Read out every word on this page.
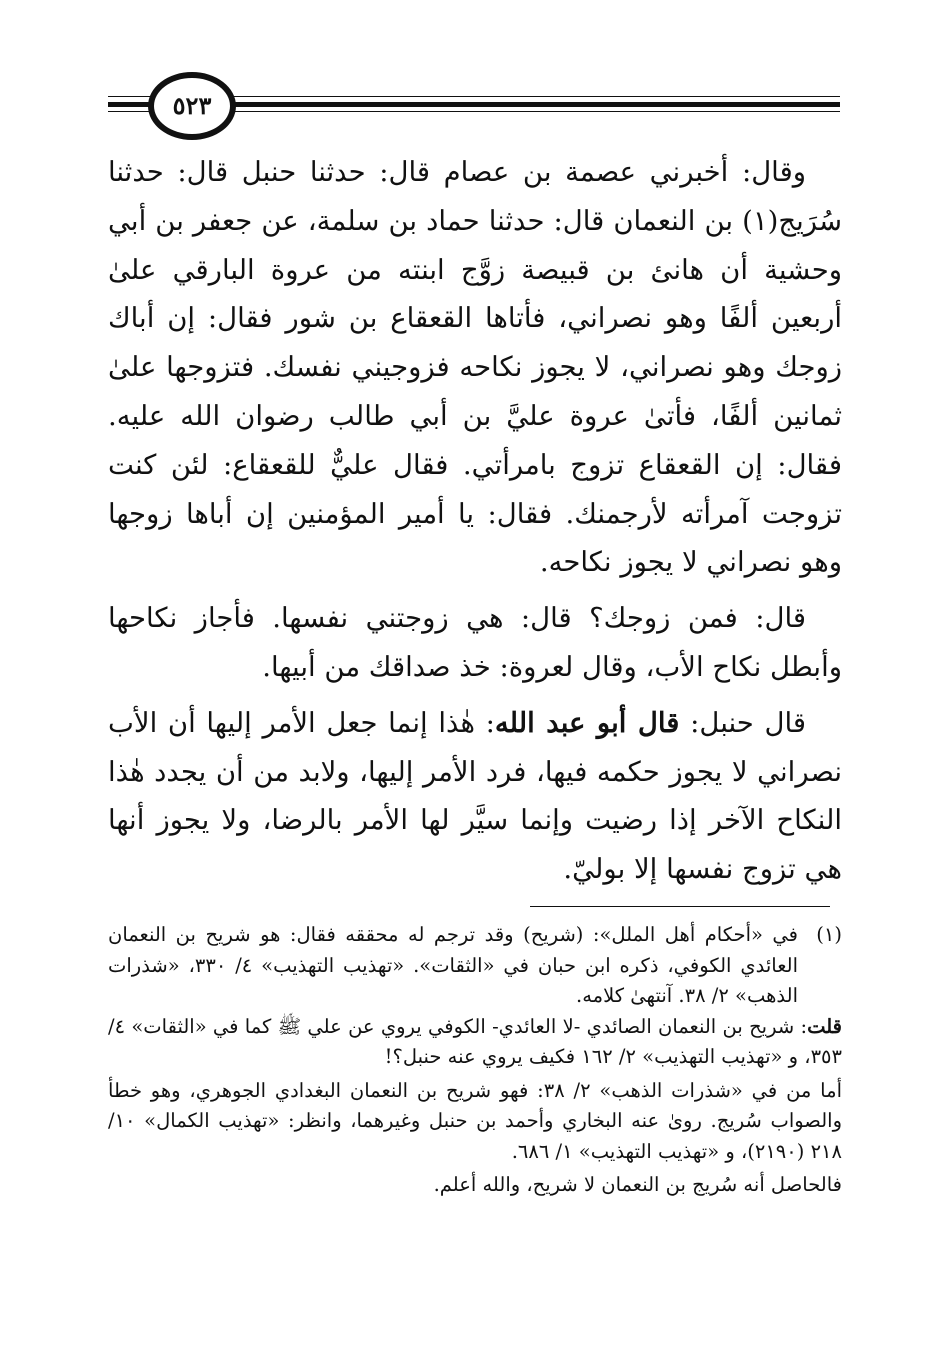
٥٢٣

وقال: أخبرني عصمة بن عصام قال: حدثنا حنبل قال: حدثنا سُرَيج(١) بن النعمان قال: حدثنا حماد بن سلمة، عن جعفر بن أبي وحشية أن هانئ بن قبيصة زوَّج ابنته من عروة البارقي علىٰ أربعين ألفًا وهو نصراني، فأتاها القعقاع بن شور فقال: إن أباك زوجك وهو نصراني، لا يجوز نكاحه فزوجيني نفسك. فتزوجها علىٰ ثمانين ألفًا، فأتىٰ عروة عليَّ بن أبي طالب رضوان الله عليه. فقال: إن القعقاع تزوج بامرأتي. فقال عليٌّ للقعقاع: لئن كنت تزوجت آمرأته لأرجمنك. فقال: يا أمير المؤمنين إن أباها زوجها وهو نصراني لا يجوز نكاحه.

قال: فمن زوجك؟ قال: هي زوجتني نفسها. فأجاز نكاحها وأبطل نكاح الأب، وقال لعروة: خذ صداقك من أبيها.

قال حنبل: قال أبو عبد الله: هٰذا إنما جعل الأمر إليها أن الأب نصراني لا يجوز حكمه فيها، فرد الأمر إليها، ولابد من أن يجدد هٰذا النكاح الآخر إذا رضيت وإنما سيَّر لها الأمر بالرضا، ولا يجوز أنها هي تزوج نفسها إلا بوليّ.

(١)

في «أحكام أهل الملل»: (شريح) وقد ترجم له محققه فقال: هو شريح بن النعمان العائدي الكوفي، ذكره ابن حبان في «الثقات». «تهذيب التهذيب» ٤/ ٣٣٠، «شذرات الذهب» ٢/ ٣٨. آنتهىٰ كلامه.

قلت: شريح بن النعمان الصائدي -لا العائدي- الكوفي يروي عن علي ﷺ كما في «الثقات» ٤/ ٣٥٣، و «تهذيب التهذيب» ٢/ ١٦٢ فكيف يروي عنه حنبل؟!

أما من في «شذرات الذهب» ٢/ ٣٨: فهو شريح بن النعمان البغدادي الجوهري، وهو خطأ والصواب سُريج. روىٰ عنه البخاري وأحمد بن حنبل وغيرهما، وانظر: «تهذيب الكمال» ١٠/ ٢١٨ (٢١٩٠)، و «تهذيب التهذيب» ١/ ٦٨٦.

فالحاصل أنه سُريج بن النعمان لا شريح، والله أعلم.
